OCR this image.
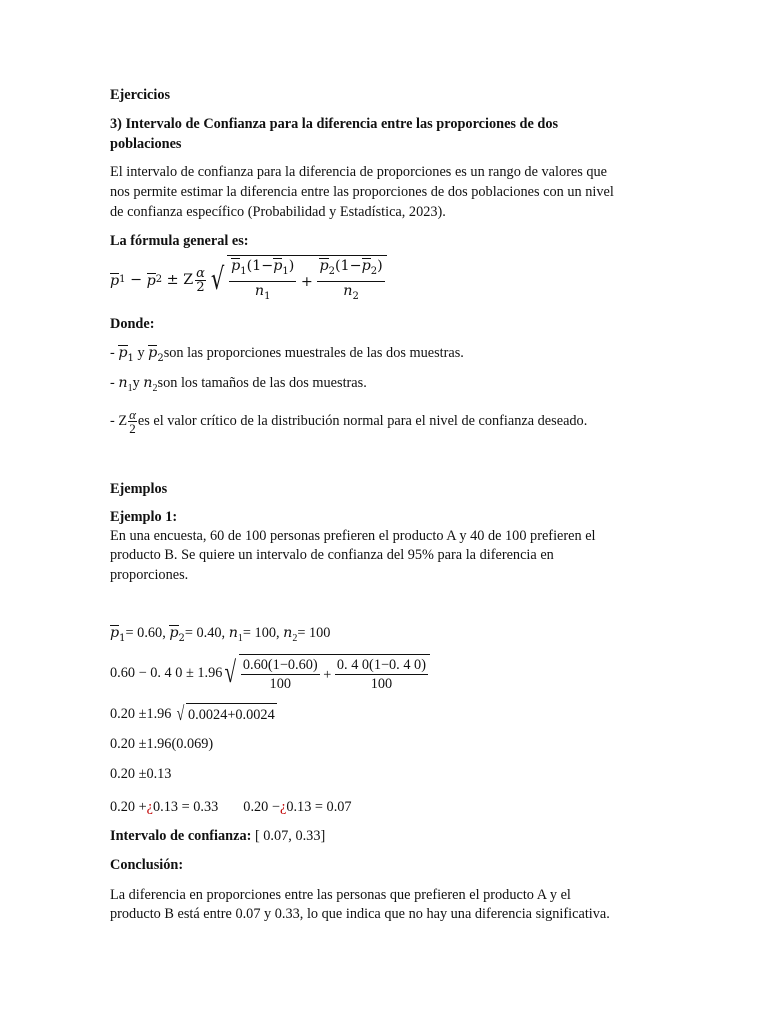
Ejercicios
3) Intervalo de Confianza para la diferencia entre las proporciones de dos
poblaciones
El intervalo de confianza para la diferencia de proporciones es un rango de valores que
nos permite estimar la diferencia entre las proporciones de dos poblaciones con un nivel
de confianza específico (Probabilidad y Estadística, 2023).
La fórmula general es:
p 1 − p 2 ± Z α
2 √ $p_1(1-p_1)$
$n_1$
+ $\frac{p_2(1-p_2)}{n_2}$
Donde:
- $p_1$ y $p_2son$ las proporciones muestrales de las dos muestras.
- $n_1y$ $n_2son$ los tamaños de las dos muestras.
- Z α
2 es el valor crítico de la distribución normal para el nivel de confianza deseado.
Ejemplos
Ejemplo 1:
En una encuesta, 60 de 100 personas prefieren el producto A y 40 de 100 prefieren el
producto B. Se quiere un intervalo de confianza del 95% para la diferencia en
proporciones.
$p_1= 0.60$, $p_2= 0.40$, $n_1= 100$, $n_2= 100$
0.60 − 0. 4 0 ± 1.96 √ 0.60(1−0.60)
100
+ $\frac{0. 4 0(1-0. 4 0)}{100}$
0.20 ±1.96 √ 0.0024+0.0024
0.20 ±1.96(0.069)
0.20 ±0.13
0.20 +¿0.13 = 0.33       0.20 −¿0.13 = 0.07
Intervalo de confianza: [ 0.07, 0.33]
Conclusión:
La diferencia en proporciones entre las personas que prefieren el producto A y el
producto B está entre 0.07 y 0.33, lo que indica que no hay una diferencia significativa.
